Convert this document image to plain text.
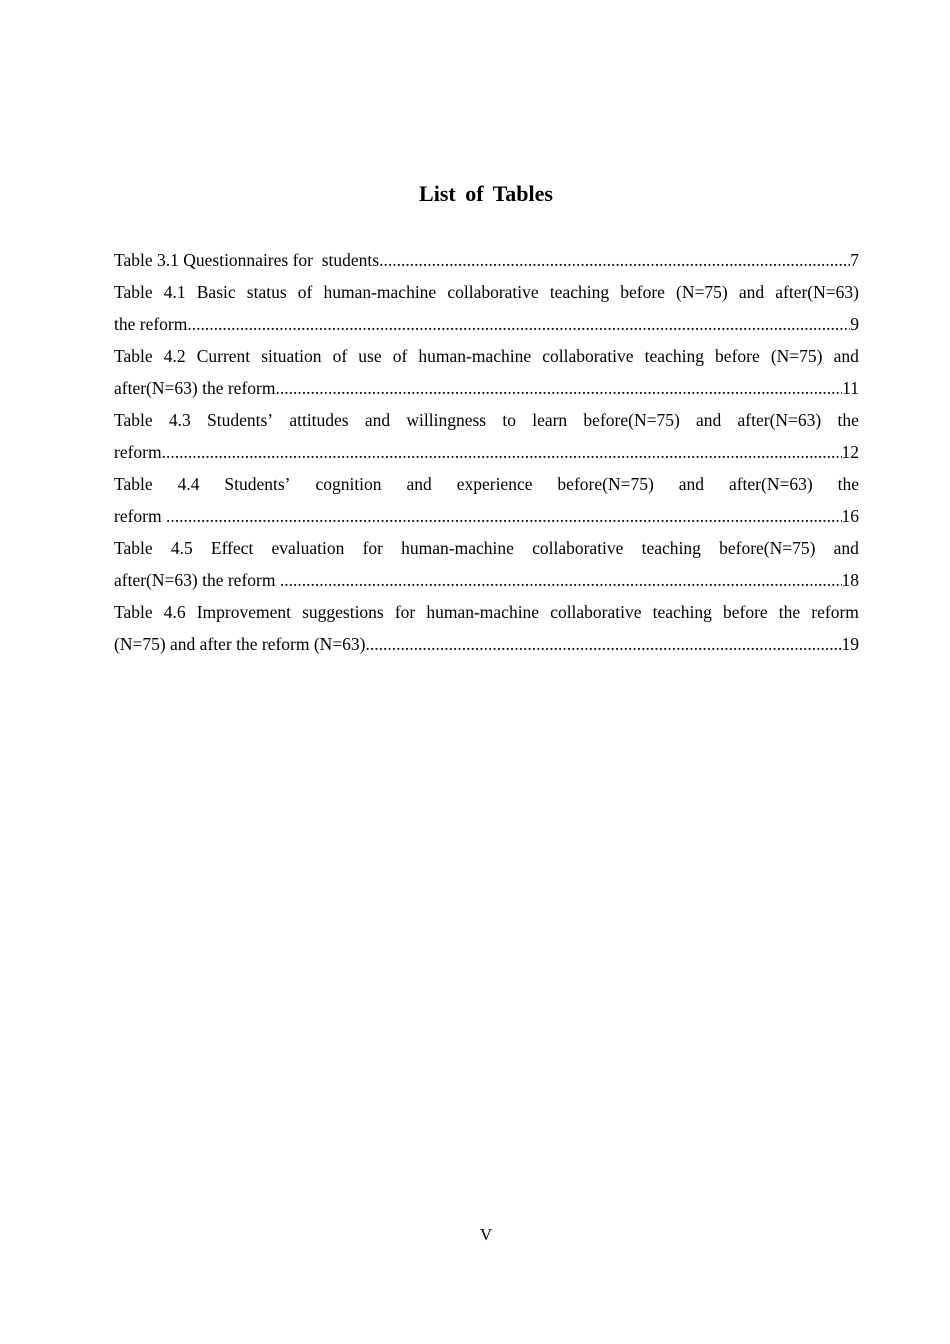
List of Tables
Table 3.1 Questionnaires for  students .....	7
Table 4.1 Basic status of human-machine collaborative teaching before (N=75) and after(N=63)
the reform .....	9
Table 4.2 Current situation of use of human-machine collaborative teaching before (N=75) and
after(N=63) the reform .....	11
Table 4.3 Students’ attitudes and willingness to learn before(N=75) and after(N=63) the
reform .....	12
Table 4.4 Students’ cognition and experience before(N=75) and after(N=63) the
reform .....	16
Table 4.5 Effect evaluation for human-machine collaborative teaching before(N=75) and
after(N=63) the reform .....	18
Table 4.6 Improvement suggestions for human-machine collaborative teaching before the reform
(N=75) and after the reform (N=63) .....	19
V
